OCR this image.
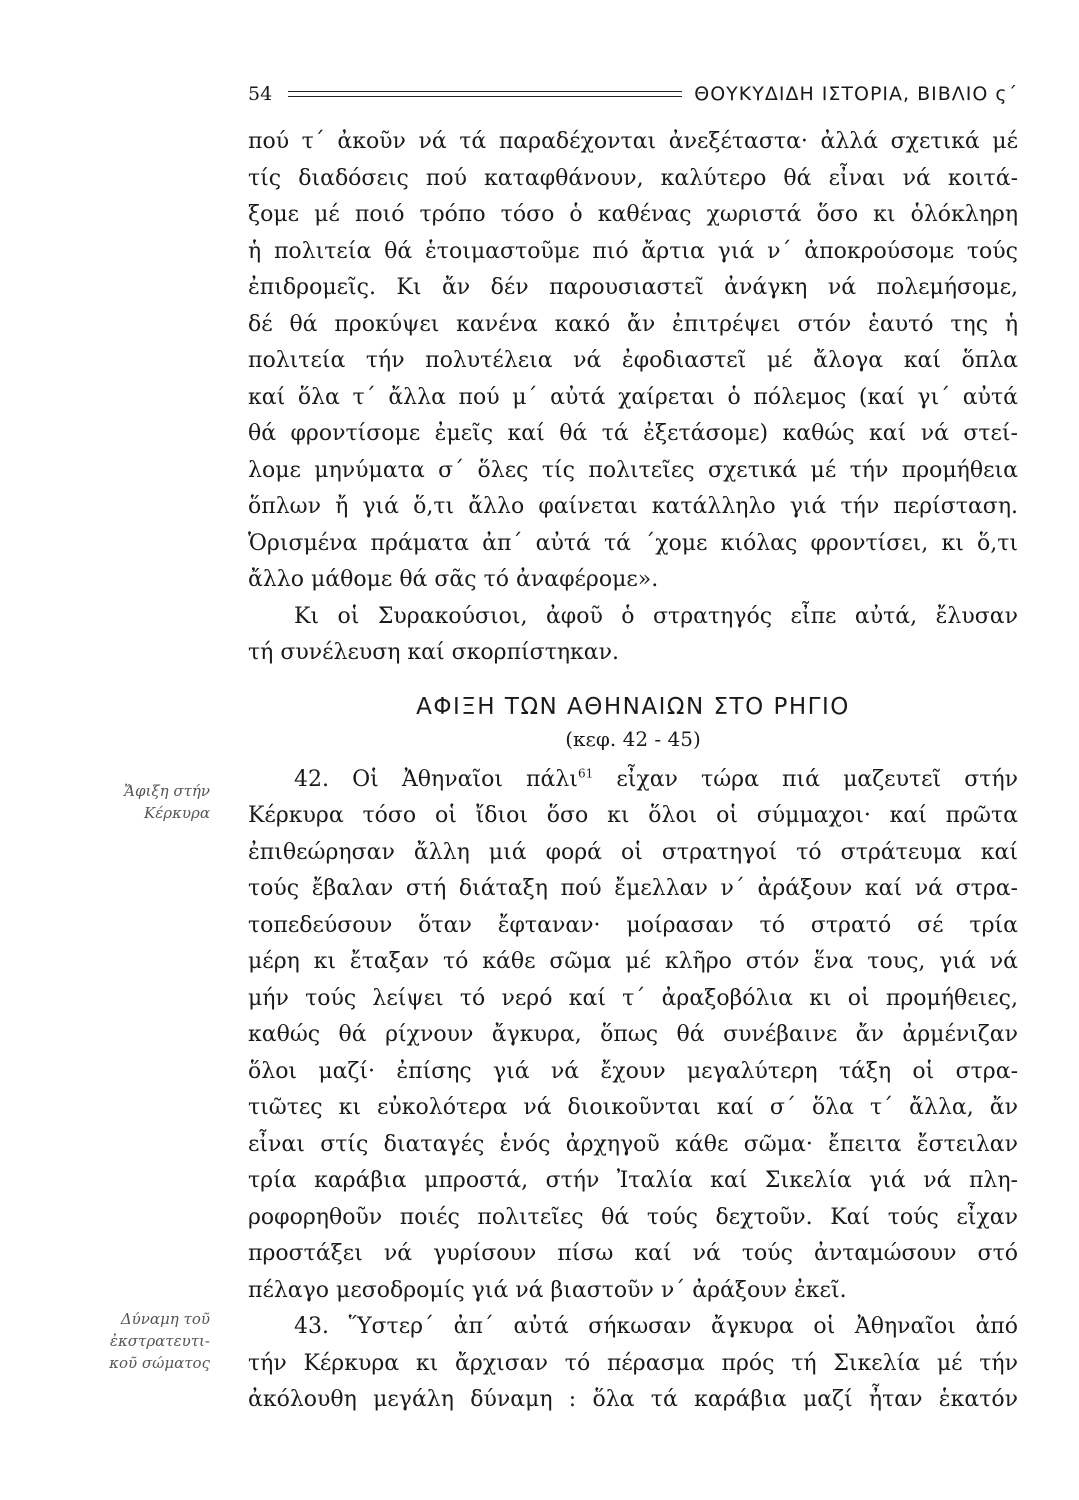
54	ΘΟΥΚΥΔΙΔΗ ΙΣΤΟΡΙΑ, ΒΙΒΛΙΟ ς΄
Ἄφιξη στήν
Κέρκυρα
Δύναμη τοῦ
ἐκστρατευτι-
κοῦ σώματος

πού τ΄ ἀκοῦν νά τά παραδέχονται ἀνεξέταστα· ἀλλά σχετικά μέ
τίς διαδόσεις πού καταφθάνουν, καλύτερο θά εἶναι νά κοιτά-
ξομε μέ ποιό τρόπο τόσο ὁ καθένας χωριστά ὅσο κι ὁλόκληρη
ἡ πολιτεία θά ἑτοιμαστοῦμε πιό ἄρτια γιά ν΄ ἀποκρούσομε τούς
ἐπιδρομεῖς. Κι ἄν δέν παρουσιαστεῖ ἀνάγκη νά πολεμήσομε,
δέ θά προκύψει κανένα κακό ἄν ἐπιτρέψει στόν ἑαυτό της ἡ
πολιτεία τήν πολυτέλεια νά ἐφοδιαστεῖ μέ ἄλογα καί ὅπλα
καί ὅλα τ΄ ἄλλα πού μ΄ αὐτά χαίρεται ὁ πόλεμος (καί γι΄ αὐτά
θά φροντίσομε ἐμεῖς καί θά τά ἐξετάσομε) καθώς καί νά στεί-
λομε μηνύματα σ΄ ὅλες τίς πολιτεῖες σχετικά μέ τήν προμήθεια
ὅπλων ἤ γιά ὅ,τι ἄλλο φαίνεται κατάλληλο γιά τήν περίσταση.
Ὁρισμένα πράματα ἀπ΄ αὐτά τά ΄χομε κιόλας φροντίσει, κι ὅ,τι
ἄλλο μάθομε θά σᾶς τό ἀναφέρομε».

Κι οἱ Συρακούσιοι, ἀφοῦ ὁ στρατηγός εἶπε αὐτά, ἔλυσαν
τή συνέλευση καί σκορπίστηκαν.

ΑΦΙΞΗ ΤΩΝ ΑΘΗΝΑΙΩΝ ΣΤΟ ΡΗΓΙΟ
(κεφ. 42 - 45)

42. Οἱ Ἀθηναῖοι πάλι$^{61}$ εἶχαν τώρα πιά μαζευτεῖ στήν
Κέρκυρα τόσο οἱ ἴδιοι ὅσο κι ὅλοι οἱ σύμμαχοι· καί πρῶτα
ἐπιθεώρησαν ἄλλη μιά φορά οἱ στρατηγοί τό στράτευμα καί
τούς ἔβαλαν στή διάταξη πού ἔμελλαν ν΄ ἀράξουν καί νά στρα-
τοπεδεύσουν ὅταν ἔφταναν· μοίρασαν τό στρατό σέ τρία
μέρη κι ἔταξαν τό κάθε σῶμα μέ κλῆρο στόν ἕνα τους, γιά νά
μήν τούς λείψει τό νερό καί τ΄ ἀραξοβόλια κι οἱ προμήθειες,
καθώς θά ρίχνουν ἄγκυρα, ὅπως θά συνέβαινε ἄν ἀρμένιζαν
ὅλοι μαζί· ἐπίσης γιά νά ἔχουν μεγαλύτερη τάξη οἱ στρα-
τιῶτες κι εὐκολότερα νά διοικοῦνται καί σ΄ ὅλα τ΄ ἄλλα, ἄν
εἶναι στίς διαταγές ἑνός ἀρχηγοῦ κάθε σῶμα· ἔπειτα ἔστειλαν
τρία καράβια μπροστά, στήν Ἰταλία καί Σικελία γιά νά πλη-
ροφορηθοῦν ποιές πολιτεῖες θά τούς δεχτοῦν. Καί τούς εἶχαν
προστάξει νά γυρίσουν πίσω καί νά τούς ἀνταμώσουν στό
πέλαγο μεσοδρομίς γιά νά βιαστοῦν ν΄ ἀράξουν ἐκεῖ.

43. Ὕστερ΄ ἀπ΄ αὐτά σήκωσαν ἄγκυρα οἱ Ἀθηναῖοι ἀπό
τήν Κέρκυρα κι ἄρχισαν τό πέρασμα πρός τή Σικελία μέ τήν
ἀκόλουθη μεγάλη δύναμη : ὅλα τά καράβια μαζί ἦταν ἑκατόν
